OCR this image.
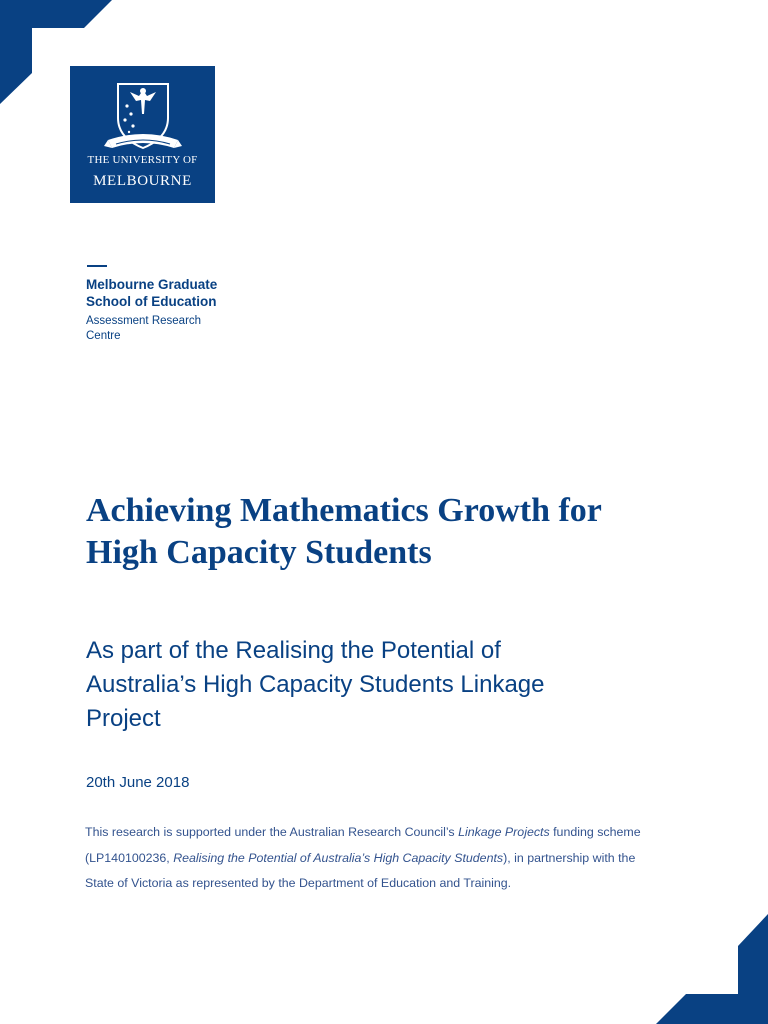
THE UNIVERSITY OF
MELBOURNE
Melbourne Graduate School of Education
Assessment Research Centre
Achieving Mathematics Growth for High Capacity Students
As part of the Realising the Potential of Australia’s High Capacity Students Linkage Project
20th June 2018

This research is supported under the Australian Research Council’s Linkage Projects funding scheme (LP140100236, Realising the Potential of Australia’s High Capacity Students), in partnership with the State of Victoria as represented by the Department of Education and Training.
